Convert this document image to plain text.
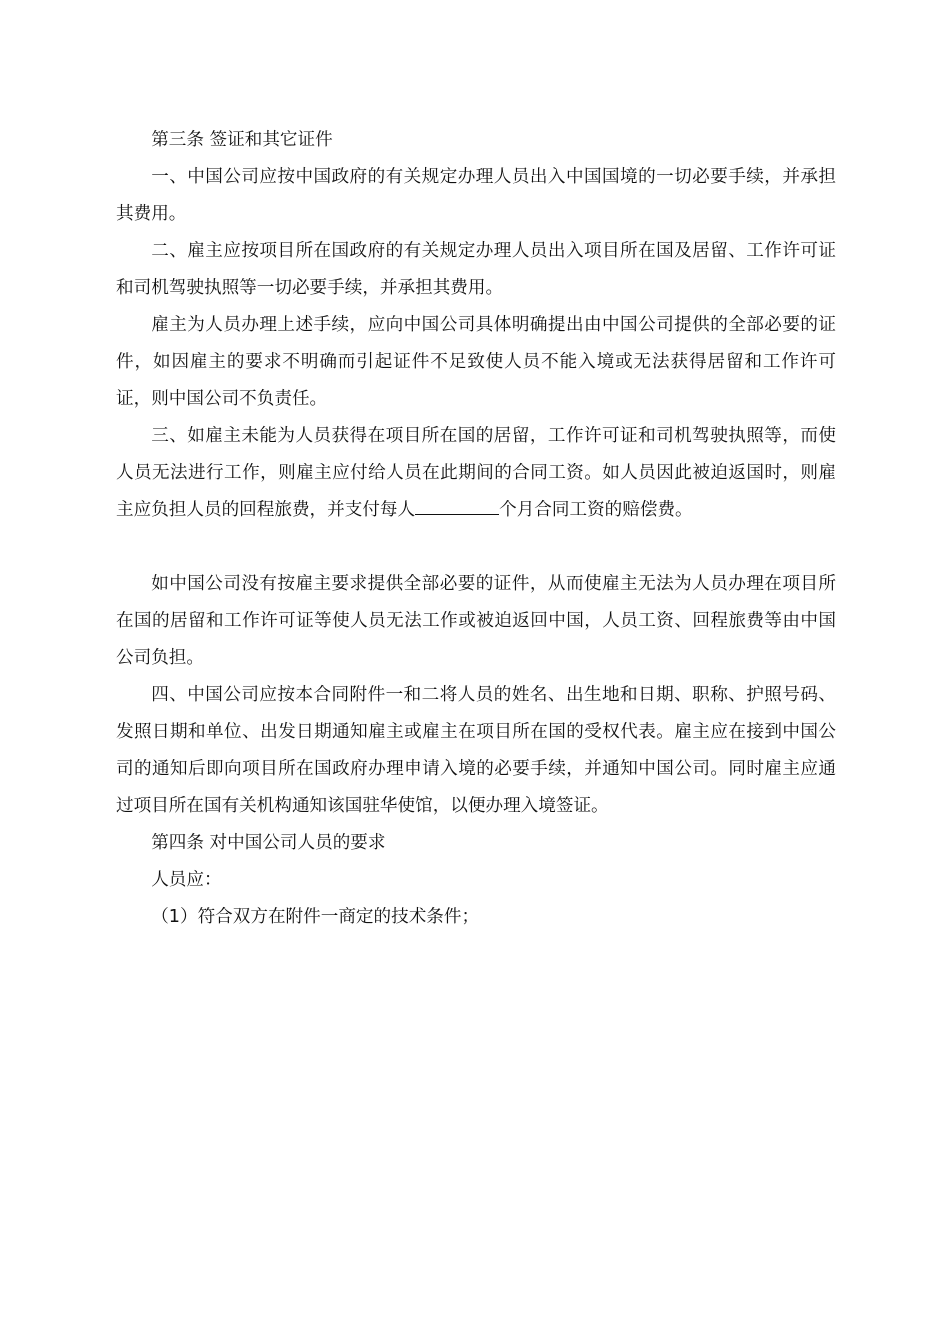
第三条 签证和其它证件

一、中国公司应按中国政府的有关规定办理人员出入中国国境的一切必要手续，并承担其费用。

二、雇主应按项目所在国政府的有关规定办理人员出入项目所在国及居留、工作许可证和司机驾驶执照等一切必要手续，并承担其费用。

雇主为人员办理上述手续，应向中国公司具体明确提出由中国公司提供的全部必要的证件，如因雇主的要求不明确而引起证件不足致使人员不能入境或无法获得居留和工作许可证，则中国公司不负责任。

三、如雇主未能为人员获得在项目所在国的居留，工作许可证和司机驾驶执照等，而使人员无法进行工作，则雇主应付给人员在此期间的合同工资。如人员因此被迫返国时，则雇主应负担人员的回程旅费，并支付每人	个月合同工资的赔偿费。

如中国公司没有按雇主要求提供全部必要的证件，从而使雇主无法为人员办理在项目所在国的居留和工作许可证等使人员无法工作或被迫返回中国，人员工资、回程旅费等由中国公司负担。

四、中国公司应按本合同附件一和二将人员的姓名、出生地和日期、职称、护照号码、发照日期和单位、出发日期通知雇主或雇主在项目所在国的受权代表。雇主应在接到中国公司的通知后即向项目所在国政府办理申请入境的必要手续，并通知中国公司。同时雇主应通过项目所在国有关机构通知该国驻华使馆，以便办理入境签证。

第四条 对中国公司人员的要求

人员应：

（1）符合双方在附件一商定的技术条件；
